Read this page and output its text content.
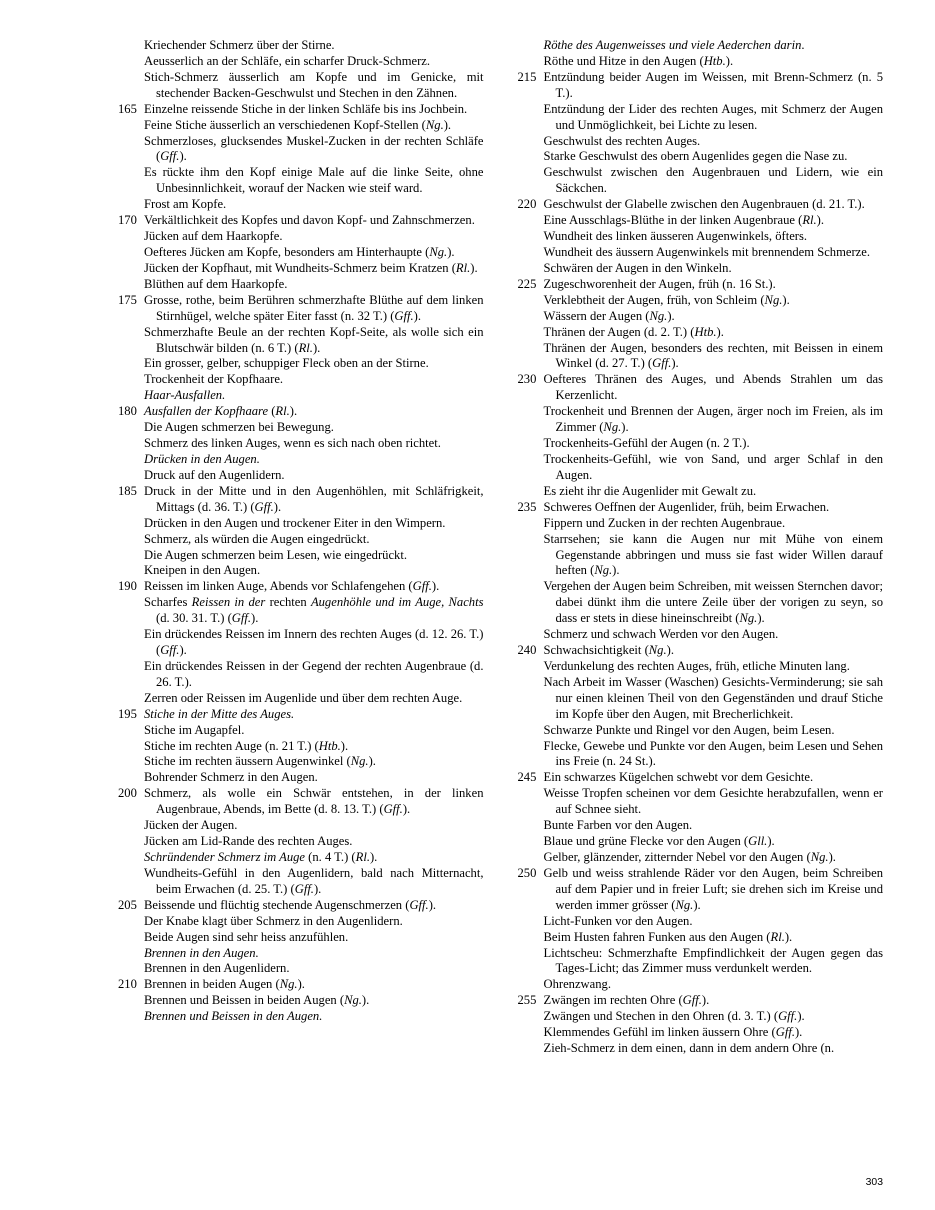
Kriechender Schmerz über der Stirne.
Aeusserlich an der Schläfe, ein scharfer Druck-Schmerz.
Stich-Schmerz äusserlich am Kopfe und im Genicke, mit stechender Backen-Geschwulst und Stechen in den Zähnen.
165 Einzelne reissende Stiche in der linken Schläfe bis ins Jochbein.
Feine Stiche äusserlich an verschiedenen Kopf-Stellen (Ng.).
Schmerzloses, glucksendes Muskel-Zucken in der rechten Schläfe (Gff.).
Es rückte ihm den Kopf einige Male auf die linke Seite, ohne Unbesinnlichkeit, worauf der Nacken wie steif ward.
Frost am Kopfe.
170 Verkältlichkeit des Kopfes und davon Kopf- und Zahnschmerzen.
Jücken auf dem Haarkopfe.
Oefteres Jücken am Kopfe, besonders am Hinterhaupte (Ng.).
Jücken der Kopfhaut, mit Wundheits-Schmerz beim Kratzen (Rl.).
Blüthen auf dem Haarkopfe.
175 Grosse, rothe, beim Berühren schmerzhafte Blüthe auf dem linken Stirnhügel, welche später Eiter fasst (n. 32 T.) (Gff.).
Schmerzhafte Beule an der rechten Kopf-Seite, als wolle sich ein Blutschwär bilden (n. 6 T.) (Rl.).
Ein grosser, gelber, schuppiger Fleck oben an der Stirne.
Trockenheit der Kopfhaare.
Haar-Ausfallen.
180 Ausfallen der Kopfhaare (Rl.).
Die Augen schmerzen bei Bewegung.
Schmerz des linken Auges, wenn es sich nach oben richtet.
Drücken in den Augen.
Druck auf den Augenlidern.
185 Druck in der Mitte und in den Augenhöhlen, mit Schläfrigkeit, Mittags (d. 36. T.) (Gff.).
Drücken in den Augen und trockener Eiter in den Wimpern.
Schmerz, als würden die Augen eingedrückt.
Die Augen schmerzen beim Lesen, wie eingedrückt.
Kneipen in den Augen.
190 Reissen im linken Auge, Abends vor Schlafengehen (Gff.).
Scharfes Reissen in der rechten Augenhöhle und im Auge, Nachts (d. 30. 31. T.) (Gff.).
Ein drückendes Reissen im Innern des rechten Auges (d. 12. 26. T.) (Gff.).
Ein drückendes Reissen in der Gegend der rechten Augenbraue (d. 26. T.).
Zerren oder Reissen im Augenlide und über dem rechten Auge.
195 Stiche in der Mitte des Auges.
Stiche im Augapfel.
Stiche im rechten Auge (n. 21 T.) (Htb.).
Stiche im rechten äussern Augenwinkel (Ng.).
Bohrender Schmerz in den Augen.
200 Schmerz, als wolle ein Schwär entstehen, in der linken Augenbraue, Abends, im Bette (d. 8. 13. T.) (Gff.).
Jücken der Augen.
Jücken am Lid-Rande des rechten Auges.
Schründender Schmerz im Auge (n. 4 T.) (Rl.).
Wundheits-Gefühl in den Augenlidern, bald nach Mitternacht, beim Erwachen (d. 25. T.) (Gff.).
205 Beissende und flüchtig stechende Augenschmerzen (Gff.).
Der Knabe klagt über Schmerz in den Augenlidern.
Beide Augen sind sehr heiss anzufühlen.
Brennen in den Augen.
Brennen in den Augenlidern.
210 Brennen in beiden Augen (Ng.).
Brennen und Beissen in beiden Augen (Ng.).
Brennen und Beissen in den Augen.
Röthe des Augenweisses und viele Aederchen darin.
Röthe und Hitze in den Augen (Htb.).
215 Entzündung beider Augen im Weissen, mit Brenn-Schmerz (n. 5 T.).
Entzündung der Lider des rechten Auges, mit Schmerz der Augen und Unmöglichkeit, bei Lichte zu lesen.
Geschwulst des rechten Auges.
Starke Geschwulst des obern Augenlides gegen die Nase zu.
Geschwulst zwischen den Augenbrauen und Lidern, wie ein Säckchen.
220 Geschwulst der Glabelle zwischen den Augenbrauen (d. 21. T.).
Eine Ausschlags-Blüthe in der linken Augenbraue (Rl.).
Wundheit des linken äusseren Augenwinkels, öfters.
Wundheit des äussern Augenwinkels mit brennendem Schmerze.
Schwären der Augen in den Winkeln.
225 Zugeschworenheit der Augen, früh (n. 16 St.).
Verklebtheit der Augen, früh, von Schleim (Ng.).
Wässern der Augen (Ng.).
Thränen der Augen (d. 2. T.) (Htb.).
Thränen der Augen, besonders des rechten, mit Beissen in einem Winkel (d. 27. T.) (Gff.).
230 Oefteres Thränen des Auges, und Abends Strahlen um das Kerzenlicht.
Trockenheit und Brennen der Augen, ärger noch im Freien, als im Zimmer (Ng.).
Trockenheits-Gefühl der Augen (n. 2 T.).
Trockenheits-Gefühl, wie von Sand, und arger Schlaf in den Augen.
Es zieht ihr die Augenlider mit Gewalt zu.
235 Schweres Oeffnen der Augenlider, früh, beim Erwachen.
Fippern und Zucken in der rechten Augenbraue.
Starrsehen; sie kann die Augen nur mit Mühe von einem Gegenstande abbringen und muss sie fast wider Willen darauf heften (Ng.).
Vergehen der Augen beim Schreiben, mit weissen Sternchen davor; dabei dünkt ihm die untere Zeile über der vorigen zu seyn, so dass er stets in diese hineinschreibt (Ng.).
Schmerz und schwach Werden vor den Augen.
240 Schwachsichtigkeit (Ng.).
Verdunkelung des rechten Auges, früh, etliche Minuten lang.
Nach Arbeit im Wasser (Waschen) Gesichts-Verminderung; sie sah nur einen kleinen Theil von den Gegenständen und drauf Stiche im Kopfe über den Augen, mit Brecherlichkeit.
Schwarze Punkte und Ringel vor den Augen, beim Lesen.
Flecke, Gewebe und Punkte vor den Augen, beim Lesen und Sehen ins Freie (n. 24 St.).
245 Ein schwarzes Kügelchen schwebt vor dem Gesichte.
Weisse Tropfen scheinen vor dem Gesichte herabzufallen, wenn er auf Schnee sieht.
Bunte Farben vor den Augen.
Blaue und grüne Flecke vor den Augen (Gll.).
Gelber, glänzender, zitternder Nebel vor den Augen (Ng.).
250 Gelb und weiss strahlende Räder vor den Augen, beim Schreiben auf dem Papier und in freier Luft; sie drehen sich im Kreise und werden immer grösser (Ng.).
Licht-Funken vor den Augen.
Beim Husten fahren Funken aus den Augen (Rl.).
Lichtscheu: Schmerzhafte Empfindlichkeit der Augen gegen das Tages-Licht; das Zimmer muss verdunkelt werden.
Ohrenzwang.
255 Zwängen im rechten Ohre (Gff.).
Zwängen und Stechen in den Ohren (d. 3. T.) (Gff.).
Klemmendes Gefühl im linken äussern Ohre (Gff.).
Zieh-Schmerz in dem einen, dann in dem andern Ohre (n.
303
